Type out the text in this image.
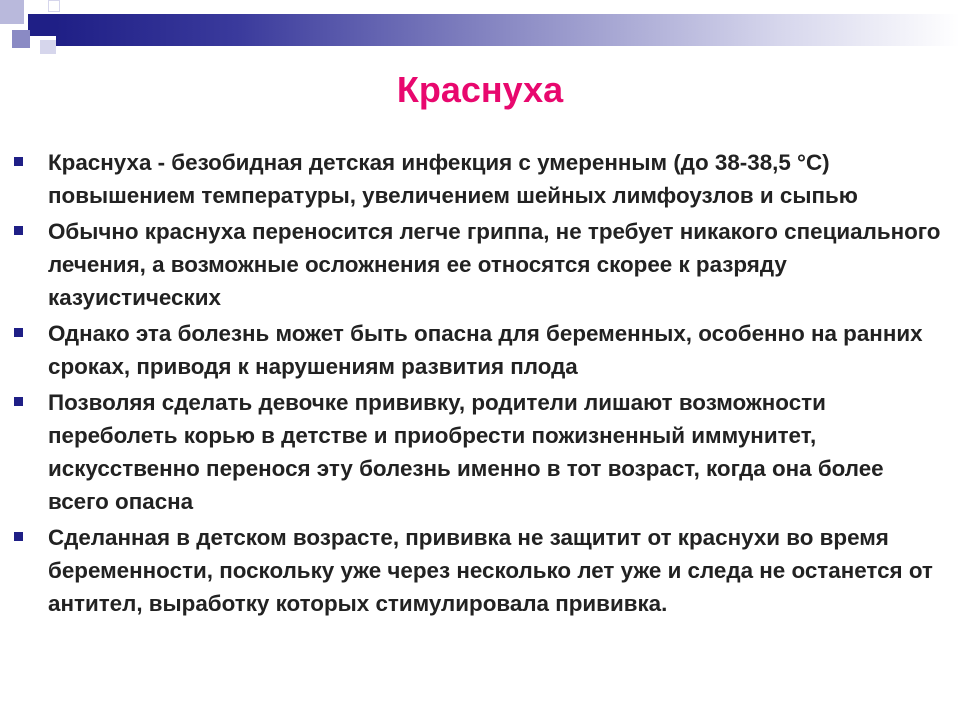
Краснуха
Краснуха - безобидная детская инфекция с умеренным (до 38-38,5 °С) повышением температуры, увеличением шейных лимфоузлов и сыпью
Обычно краснуха переносится легче гриппа, не требует никакого специального лечения, а возможные осложнения ее относятся скорее к разряду казуистических
Однако эта болезнь может быть опасна для беременных, особенно на ранних сроках, приводя к нарушениям развития плода
Позволяя сделать девочке прививку, родители лишают возможности переболеть корью в детстве и приобрести пожизненный иммунитет, искусственно перенося эту болезнь именно в тот возраст, когда она более всего опасна
Сделанная в детском возрасте, прививка не защитит от краснухи во время беременности, поскольку уже через несколько лет уже и следа не останется от антител, выработку которых стимулировала прививка.
